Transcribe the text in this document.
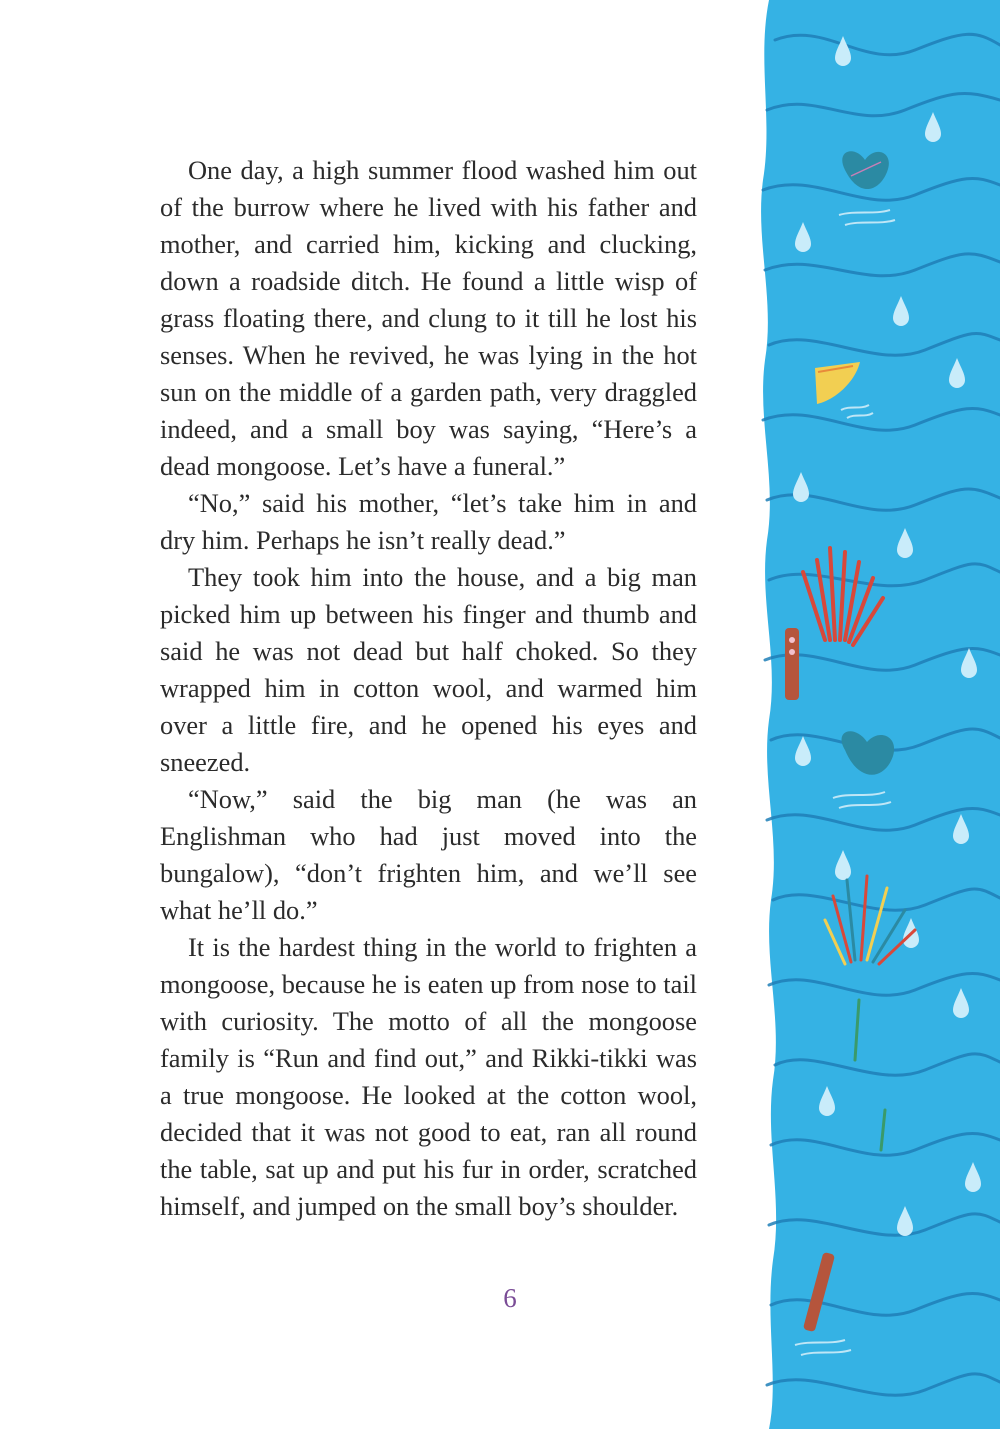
One day, a high summer flood washed him out of the burrow where he lived with his father and mother, and carried him, kicking and clucking, down a roadside ditch. He found a little wisp of grass floating there, and clung to it till he lost his senses. When he revived, he was lying in the hot sun on the middle of a garden path, very draggled indeed, and a small boy was saying, “Here’s a dead mongoose. Let’s have a funeral.”

“No,” said his mother, “let’s take him in and dry him. Perhaps he isn’t really dead.”

They took him into the house, and a big man picked him up between his finger and thumb and said he was not dead but half choked. So they wrapped him in cotton wool, and warmed him over a little fire, and he opened his eyes and sneezed.

“Now,” said the big man (he was an Englishman who had just moved into the bungalow), “don’t frighten him, and we’ll see what he’ll do.”

It is the hardest thing in the world to frighten a mongoose, because he is eaten up from nose to tail with curiosity. The motto of all the mongoose family is “Run and find out,” and Rikki-tikki was a true mongoose. He looked at the cotton wool, decided that it was not good to eat, ran all round the table, sat up and put his fur in order, scratched himself, and jumped on the small boy’s shoulder.

6
